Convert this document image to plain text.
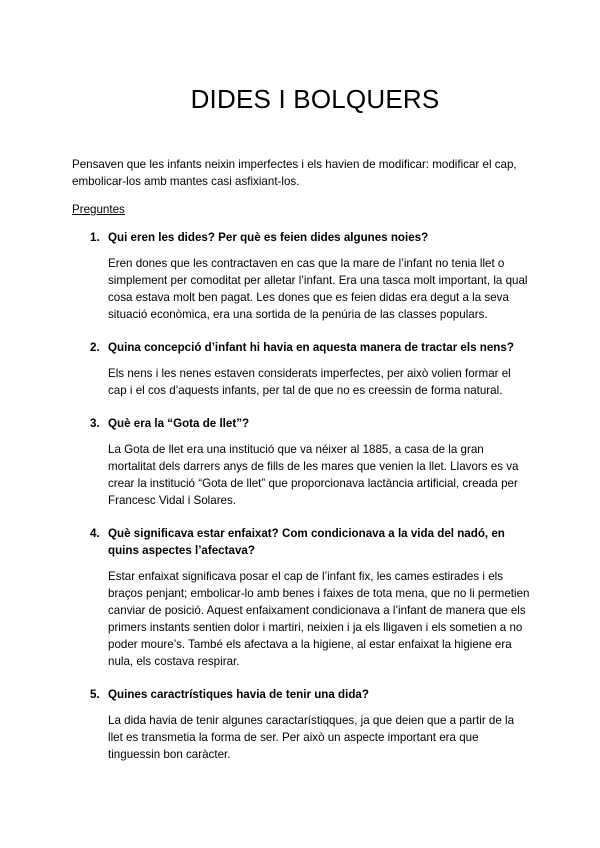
DIDES I BOLQUERS

Pensaven que les infants neixin imperfectes i els havien de modificar: modificar el cap, embolicar-los amb mantes casi asfixiant-los.

Preguntes

1. Qui eren les dides? Per què es feien dides algunes noies?

Eren dones que les contractaven en cas que la mare de l’infant no tenia llet o simplement per comoditat per alletar l’infant. Era una tasca molt important, la qual cosa estava molt ben pagat. Les dones que es feien didas era degut a la seva situació econòmica, era una sortida de la penúria de las classes populars.

2. Quina concepció d’infant hi havia en aquesta manera de tractar els nens?

Els nens i les nenes estaven considerats imperfectes, per això volien formar el cap i el cos d’aquests infants, per tal de que no es creessin de forma natural.

3. Què era la “Gota de llet”?

La Gota de llet era una institució que va néixer al 1885, a casa de la gran mortalitat dels darrers anys de fills de les mares que venien la llet. Llavors es va crear la institució “Gota de llet” que proporcionava lactància artificial, creada per Francesc Vidal i Solares.

4. Què significava estar enfaixat? Com condicionava a la vida del nadó, en quins aspectes l’afectava?

Estar enfaixat significava posar el cap de l’infant fix, les cames estirades i els braços penjant; embolicar-lo amb benes i faixes de tota mena, que no li permetien canviar de posició. Aquest enfaixament condicionava a l’infant de manera que els primers instants sentien dolor i martiri, neixien i ja els lligaven i els sometien a no poder moure’s. També els afectava a la higiene, al estar enfaixat la higiene era nula, els costava respirar.

5. Quines caractrístiques havia de tenir una dida?

La dida havia de tenir algunes caractarístiqques, ja que deien que a partir de la llet es transmetia la forma de ser. Per això un aspecte important era que tinguessin bon caràcter.
